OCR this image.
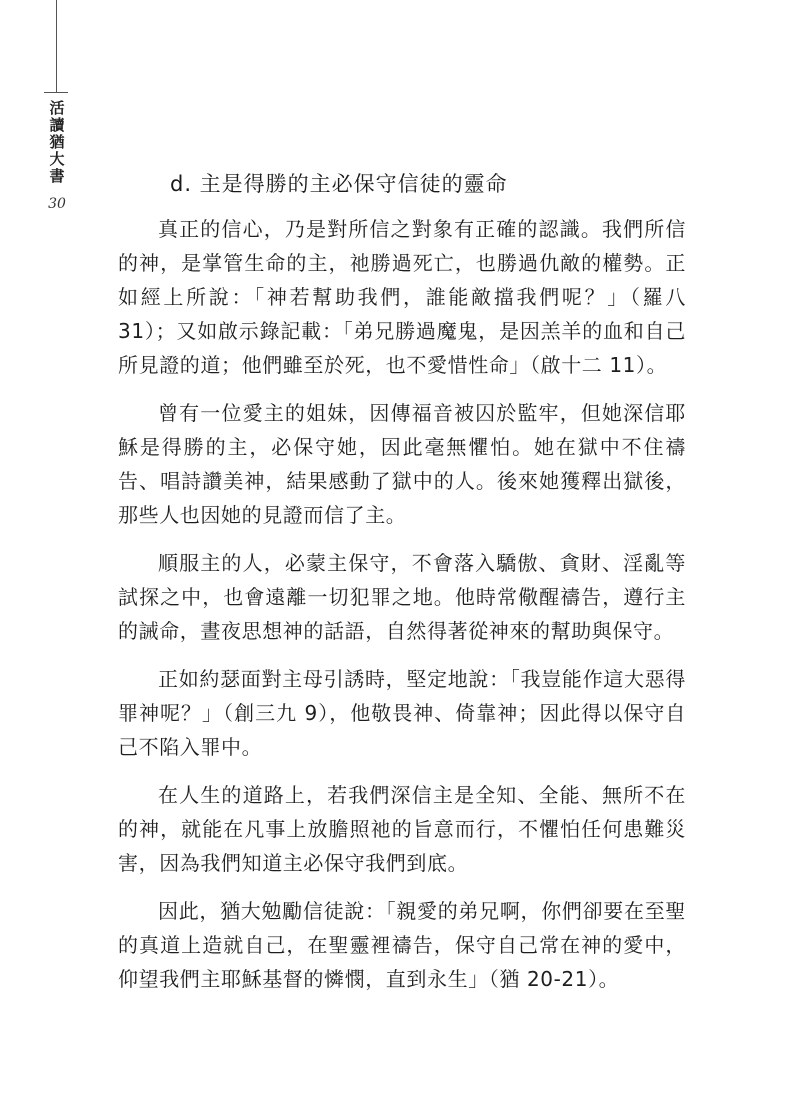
活
讀
猶
大
書
30
d. 主是得勝的主必保守信徒的靈命

真正的信心，乃是對所信之對象有正確的認識。我們所信的神，是掌管生命的主，祂勝過死亡，也勝過仇敵的權勢。正如經上所說：「神若幫助我們，誰能敵擋我們呢？」（羅八 31）；又如啟示錄記載：「弟兄勝過魔鬼，是因羔羊的血和自己所見證的道；他們雖至於死，也不愛惜性命」（啟十二 11）。

曾有一位愛主的姐妹，因傳福音被囚於監牢，但她深信耶穌是得勝的主，必保守她，因此毫無懼怕。她在獄中不住禱告、唱詩讚美神，結果感動了獄中的人。後來她獲釋出獄後，那些人也因她的見證而信了主。

順服主的人，必蒙主保守，不會落入驕傲、貪財、淫亂等試探之中，也會遠離一切犯罪之地。他時常儆醒禱告，遵行主的誡命，晝夜思想神的話語，自然得著從神來的幫助與保守。

正如約瑟面對主母引誘時，堅定地說：「我豈能作這大惡得罪神呢？」（創三九 9），他敬畏神、倚靠神；因此得以保守自己不陷入罪中。

在人生的道路上，若我們深信主是全知、全能、無所不在的神，就能在凡事上放膽照祂的旨意而行，不懼怕任何患難災害，因為我們知道主必保守我們到底。

因此，猶大勉勵信徒說：「親愛的弟兄啊，你們卻要在至聖的真道上造就自己，在聖靈裡禱告，保守自己常在神的愛中，仰望我們主耶穌基督的憐憫，直到永生」（猶 20-21）。
